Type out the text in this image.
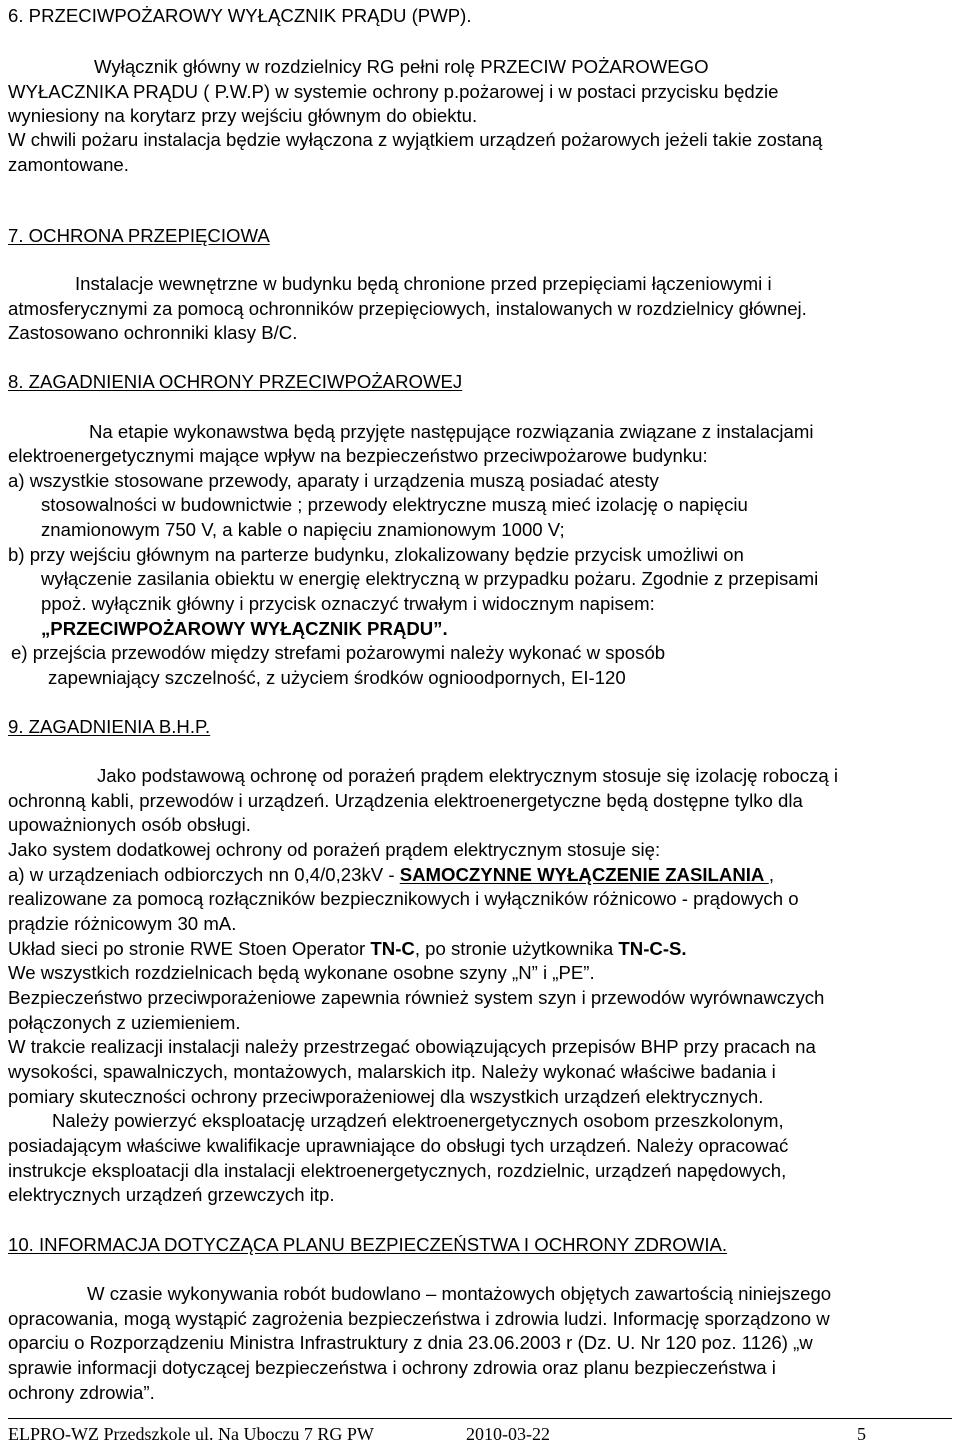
6. PRZECIWPOŻAROWY WYŁĄCZNIK PRĄDU (PWP).
Wyłącznik główny w rozdzielnicy RG pełni rolę PRZECIW POŻAROWEGO
WYŁACZNIKA PRĄDU ( P.W.P) w systemie ochrony p.pożarowej i w postaci przycisku będzie
wyniesiony na korytarz przy wejściu głównym do obiektu.
W chwili pożaru instalacja będzie wyłączona z wyjątkiem urządzeń pożarowych jeżeli takie zostaną
zamontowane.
7. OCHRONA PRZEPIĘCIOWA
Instalacje wewnętrzne w budynku będą chronione przed przepięciami łączeniowymi i
atmosferycznymi za pomocą ochronników przepięciowych, instalowanych w rozdzielnicy głównej.
Zastosowano ochronniki klasy B/C.
8. ZAGADNIENIA OCHRONY PRZECIWPOŻAROWEJ
Na etapie wykonawstwa będą przyjęte następujące rozwiązania związane z instalacjami
elektroenergetycznymi mające wpływ na bezpieczeństwo przeciwpożarowe budynku:
a) wszystkie stosowane przewody, aparaty i urządzenia muszą posiadać atesty
stosowalności w budownictwie ; przewody elektryczne muszą mieć izolację o napięciu
znamionowym 750 V, a kable o napięciu znamionowym 1000 V;
b) przy wejściu głównym na parterze budynku, zlokalizowany będzie przycisk umożliwi on
wyłączenie zasilania obiektu w energię elektryczną w przypadku pożaru. Zgodnie z przepisami
ppoż. wyłącznik główny i przycisk oznaczyć trwałym i widocznym napisem:
„PRZECIWPOŻAROWY WYŁĄCZNIK PRĄDU”.
e) przejścia przewodów między strefami pożarowymi należy wykonać w sposób
zapewniający szczelność, z użyciem środków ognioodpornych, EI-120
9. ZAGADNIENIA B.H.P.
Jako podstawową ochronę od porażeń prądem elektrycznym stosuje się izolację roboczą i
ochronną kabli, przewodów i urządzeń. Urządzenia elektroenergetyczne będą dostępne tylko dla
upoważnionych osób obsługi.
Jako system dodatkowej ochrony od porażeń prądem elektrycznym stosuje się:
a) w urządzeniach odbiorczych nn 0,4/0,23kV - SAMOCZYNNE WYŁĄCZENIE ZASILANIA ,
realizowane za pomocą rozłączników bezpiecznikowych i wyłączników różnicowo - prądowych o
prądzie różnicowym 30 mA.
Układ sieci po stronie RWE Stoen Operator TN-C, po stronie użytkownika TN-C-S.
We wszystkich rozdzielnicach będą wykonane osobne szyny „N” i „PE”.
Bezpieczeństwo przeciwporażeniowe zapewnia również system szyn i przewodów wyrównawczych
połączonych z uziemieniem.
W trakcie realizacji instalacji należy przestrzegać obowiązujących przepisów BHP przy pracach na
wysokości, spawalniczych, montażowych, malarskich itp. Należy wykonać właściwe badania i
pomiary skuteczności ochrony przeciwporażeniowej dla wszystkich urządzeń elektrycznych.
Należy powierzyć eksploatację urządzeń elektroenergetycznych osobom przeszkolonym,
posiadającym właściwe kwalifikacje uprawniające do obsługi tych urządzeń. Należy opracować
instrukcje eksploatacji dla instalacji elektroenergetycznych, rozdzielnic, urządzeń napędowych,
elektrycznych urządzeń grzewczych itp.
10. INFORMACJA DOTYCZĄCA PLANU BEZPIECZEŃSTWA I OCHRONY ZDROWIA.
W czasie wykonywania robót budowlano – montażowych objętych zawartością niniejszego
opracowania, mogą wystąpić zagrożenia bezpieczeństwa i zdrowia ludzi. Informację sporządzono w
oparciu o Rozporządzeniu Ministra Infrastruktury z dnia 23.06.2003 r (Dz. U. Nr 120 poz. 1126) „w
sprawie informacji dotyczącej bezpieczeństwa i ochrony zdrowia oraz planu bezpieczeństwa i
ochrony zdrowia”.
ELPRO-WZ Przedszkole ul. Na Uboczu 7 RG PW	2010-03-22	5
